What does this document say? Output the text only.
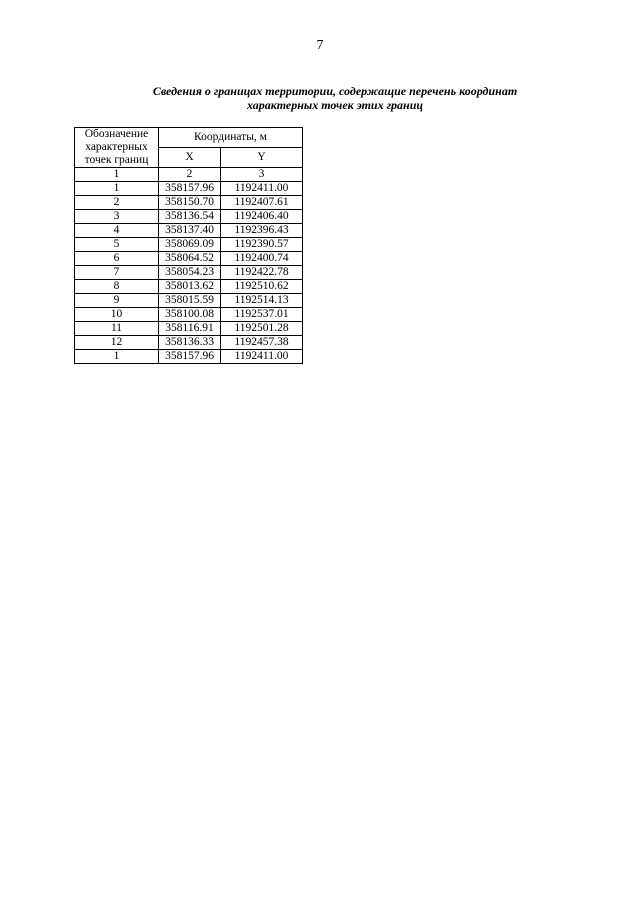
7
Сведения о границах территории, содержащие перечень координат
характерных точек этих границ
Обозначение
характерных
точек границ	Координаты, м	
	X	Y
1	2	3
1	358157.96	1192411.00
2	358150.70	1192407.61
3	358136.54	1192406.40
4	358137.40	1192396.43
5	358069.09	1192390.57
6	358064.52	1192400.74
7	358054.23	1192422.78
8	358013.62	1192510.62
9	358015.59	1192514.13
10	358100.08	1192537.01
11	358116.91	1192501.28
12	358136.33	1192457.38
1	358157.96	1192411.00
